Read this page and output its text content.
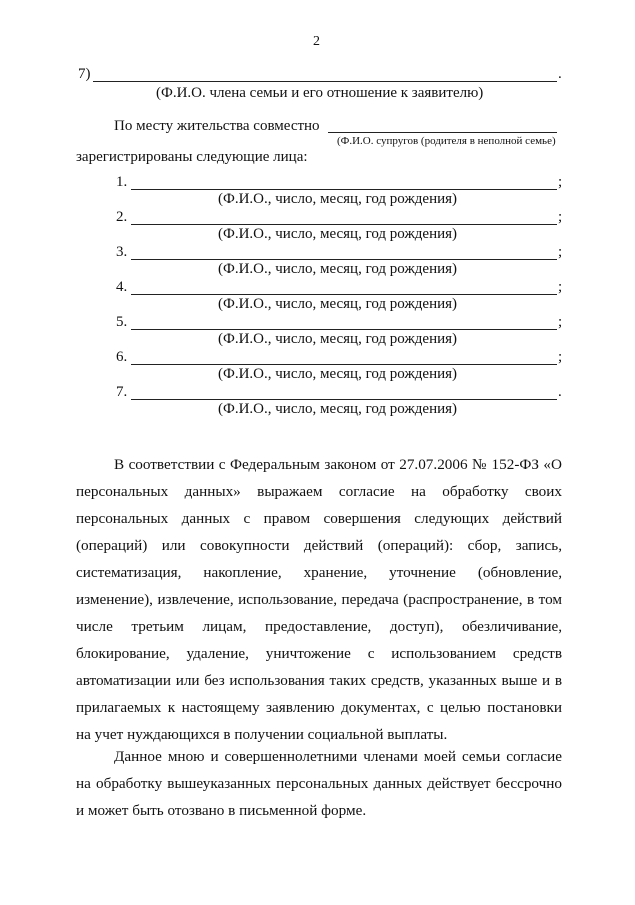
2
7)	.
(Ф.И.О. члена семьи и его отношение к заявителю)
По месту жительства совместно
(Ф.И.О. супругов (родителя в неполной семье)
зарегистрированы следующие лица:
1.	;
(Ф.И.О., число, месяц, год рождения)
2.	;
(Ф.И.О., число, месяц, год рождения)
3.	;
(Ф.И.О., число, месяц, год рождения)
4.	;
(Ф.И.О., число, месяц, год рождения)
5.	;
(Ф.И.О., число, месяц, год рождения)
6.	;
(Ф.И.О., число, месяц, год рождения)
7.	.
(Ф.И.О., число, месяц, год рождения)

В соответствии с Федеральным законом от 27.07.2006 № 152-ФЗ «О персональных данных» выражаем согласие на обработку своих персональных данных с правом совершения следующих действий (операций) или совокупности действий (операций): сбор, запись, систематизация, накопление, хранение, уточнение (обновление, изменение), извлечение, использование, передача (распространение, в том числе третьим лицам, предоставление, доступ), обезличивание, блокирование, удаление, уничтожение с использованием средств автоматизации или без использования таких средств, указанных выше и в прилагаемых к настоящему заявлению документах, с целью постановки на учет нуждающихся в получении социальной выплаты.

Данное мною и совершеннолетними членами моей семьи согласие на обработку вышеуказанных персональных данных действует бессрочно и может быть отозвано в письменной форме.
